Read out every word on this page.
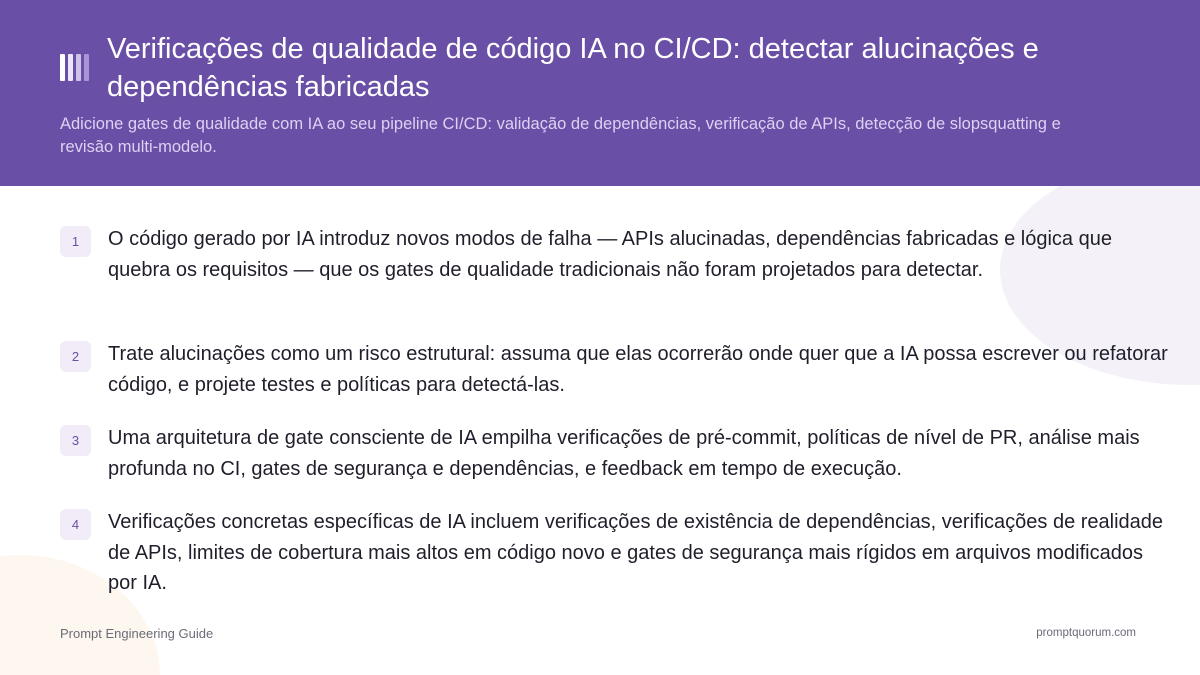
Verificações de qualidade de código IA no CI/CD: detectar alucinações e dependências fabricadas

Adicione gates de qualidade com IA ao seu pipeline CI/CD: validação de dependências, verificação de APIs, detecção de slopsquatting e revisão multi-modelo.

1	O código gerado por IA introduz novos modos de falha — APIs alucinadas, dependências fabricadas e lógica que quebra os requisitos — que os gates de qualidade tradicionais não foram projetados para detectar.
2	Trate alucinações como um risco estrutural: assuma que elas ocorrerão onde quer que a IA possa escrever ou refatorar código, e projete testes e políticas para detectá-las.
3	Uma arquitetura de gate consciente de IA empilha verificações de pré-commit, políticas de nível de PR, análise mais profunda no CI, gates de segurança e dependências, e feedback em tempo de execução.
4	Verificações concretas específicas de IA incluem verificações de existência de dependências, verificações de realidade de APIs, limites de cobertura mais altos em código novo e gates de segurança mais rígidos em arquivos modificados por IA.
Prompt Engineering Guide	promptquorum.com
